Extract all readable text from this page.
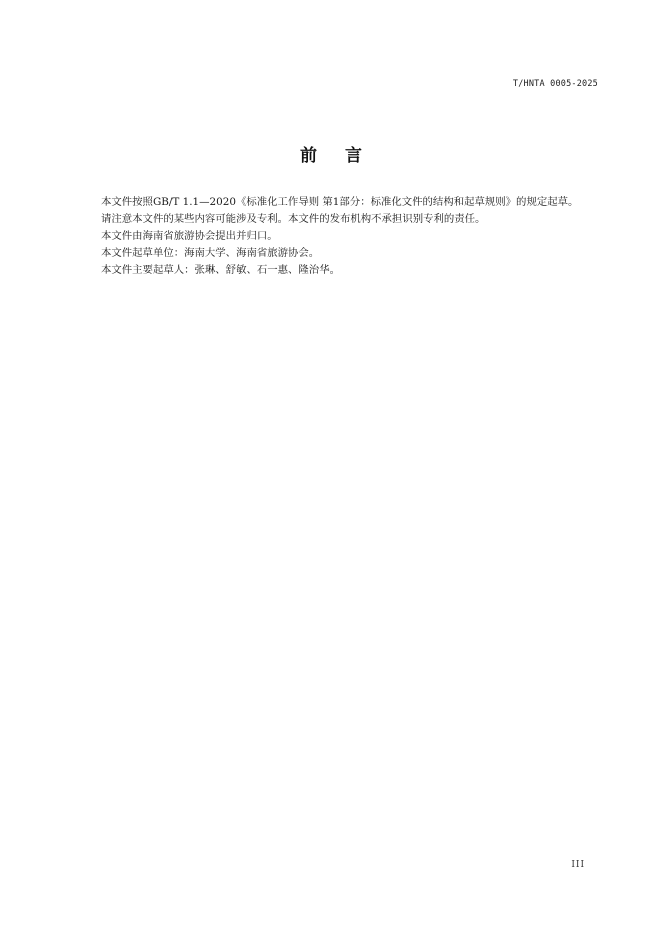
T/HNTA 0005-2025
前言

本文件按照GB/T 1.1—2020《标准化工作导则 第1部分：标准化文件的结构和起草规则》的规定起草。

请注意本文件的某些内容可能涉及专利。本文件的发布机构不承担识别专利的责任。

本文件由海南省旅游协会提出并归口。

本文件起草单位：海南大学、海南省旅游协会。

本文件主要起草人：张琳、舒敏、石一惠、隆治华。

III
